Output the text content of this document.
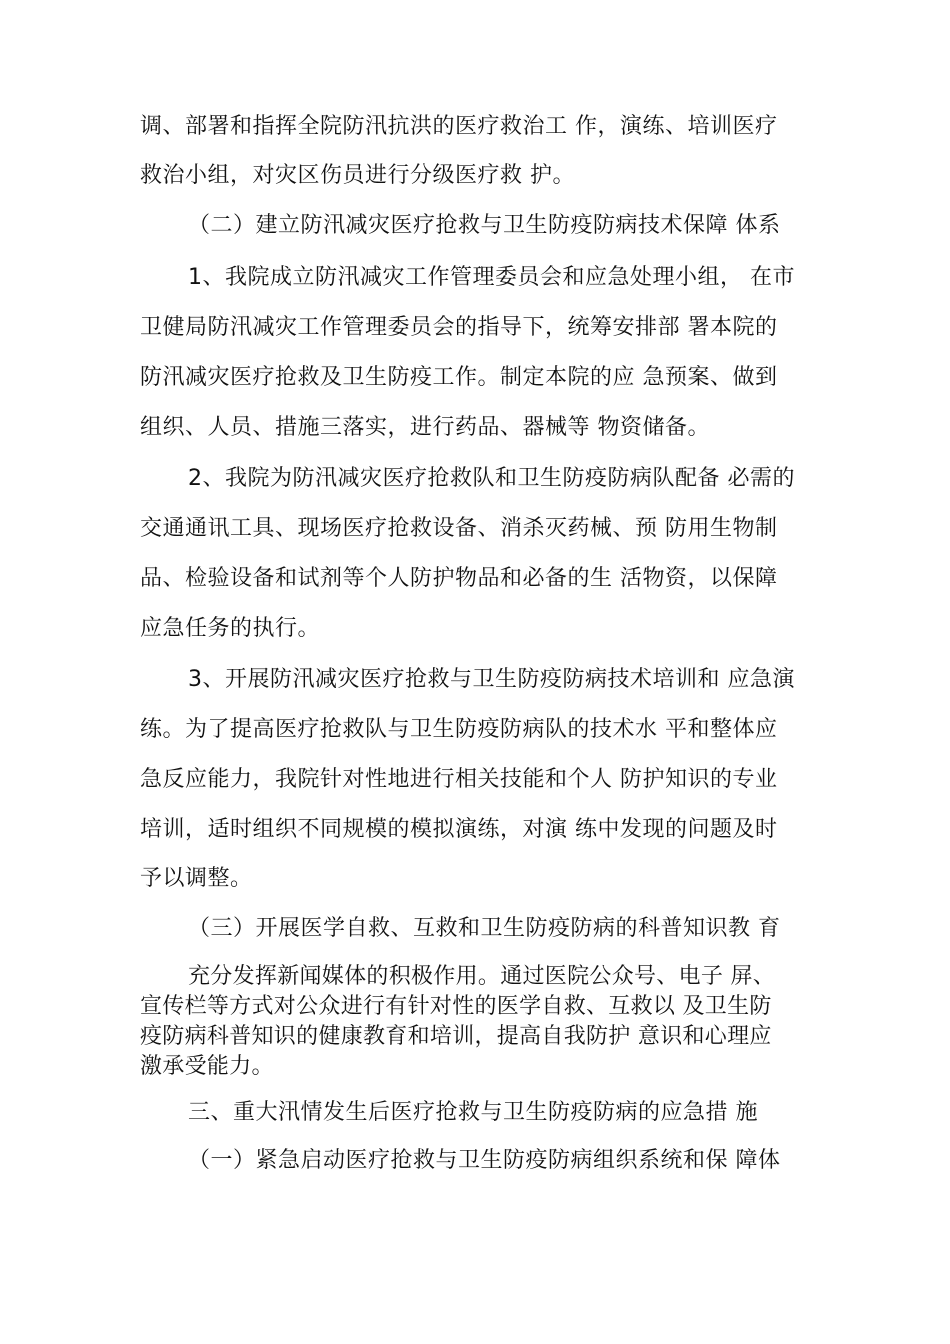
调、部署和指挥全院防汛抗洪的医疗救治工 作，演练、培训医疗
救治小组，对灾区伤员进行分级医疗救 护。
（二）建立防汛减灾医疗抢救与卫生防疫防病技术保障 体系
1、我院成立防汛减灾工作管理委员会和应急处理小组， 在市
卫健局防汛减灾工作管理委员会的指导下，统筹安排部 署本院的
防汛减灾医疗抢救及卫生防疫工作。制定本院的应 急预案、做到
组织、人员、措施三落实，进行药品、器械等 物资储备。
2、我院为防汛减灾医疗抢救队和卫生防疫防病队配备 必需的
交通通讯工具、现场医疗抢救设备、消杀灭药械、预 防用生物制
品、检验设备和试剂等个人防护物品和必备的生 活物资，以保障
应急任务的执行。
3、开展防汛减灾医疗抢救与卫生防疫防病技术培训和 应急演
练。为了提高医疗抢救队与卫生防疫防病队的技术水 平和整体应
急反应能力，我院针对性地进行相关技能和个人 防护知识的专业
培训，适时组织不同规模的模拟演练，对演 练中发现的问题及时
予以调整。
（三）开展医学自救、互救和卫生防疫防病的科普知识教 育
充分发挥新闻媒体的积极作用。通过医院公众号、电子 屏、
宣传栏等方式对公众进行有针对性的医学自救、互救以 及卫生防
疫防病科普知识的健康教育和培训，提高自我防护 意识和心理应
激承受能力。
三、重大汛情发生后医疗抢救与卫生防疫防病的应急措 施
（一）紧急启动医疗抢救与卫生防疫防病组织系统和保 障体
